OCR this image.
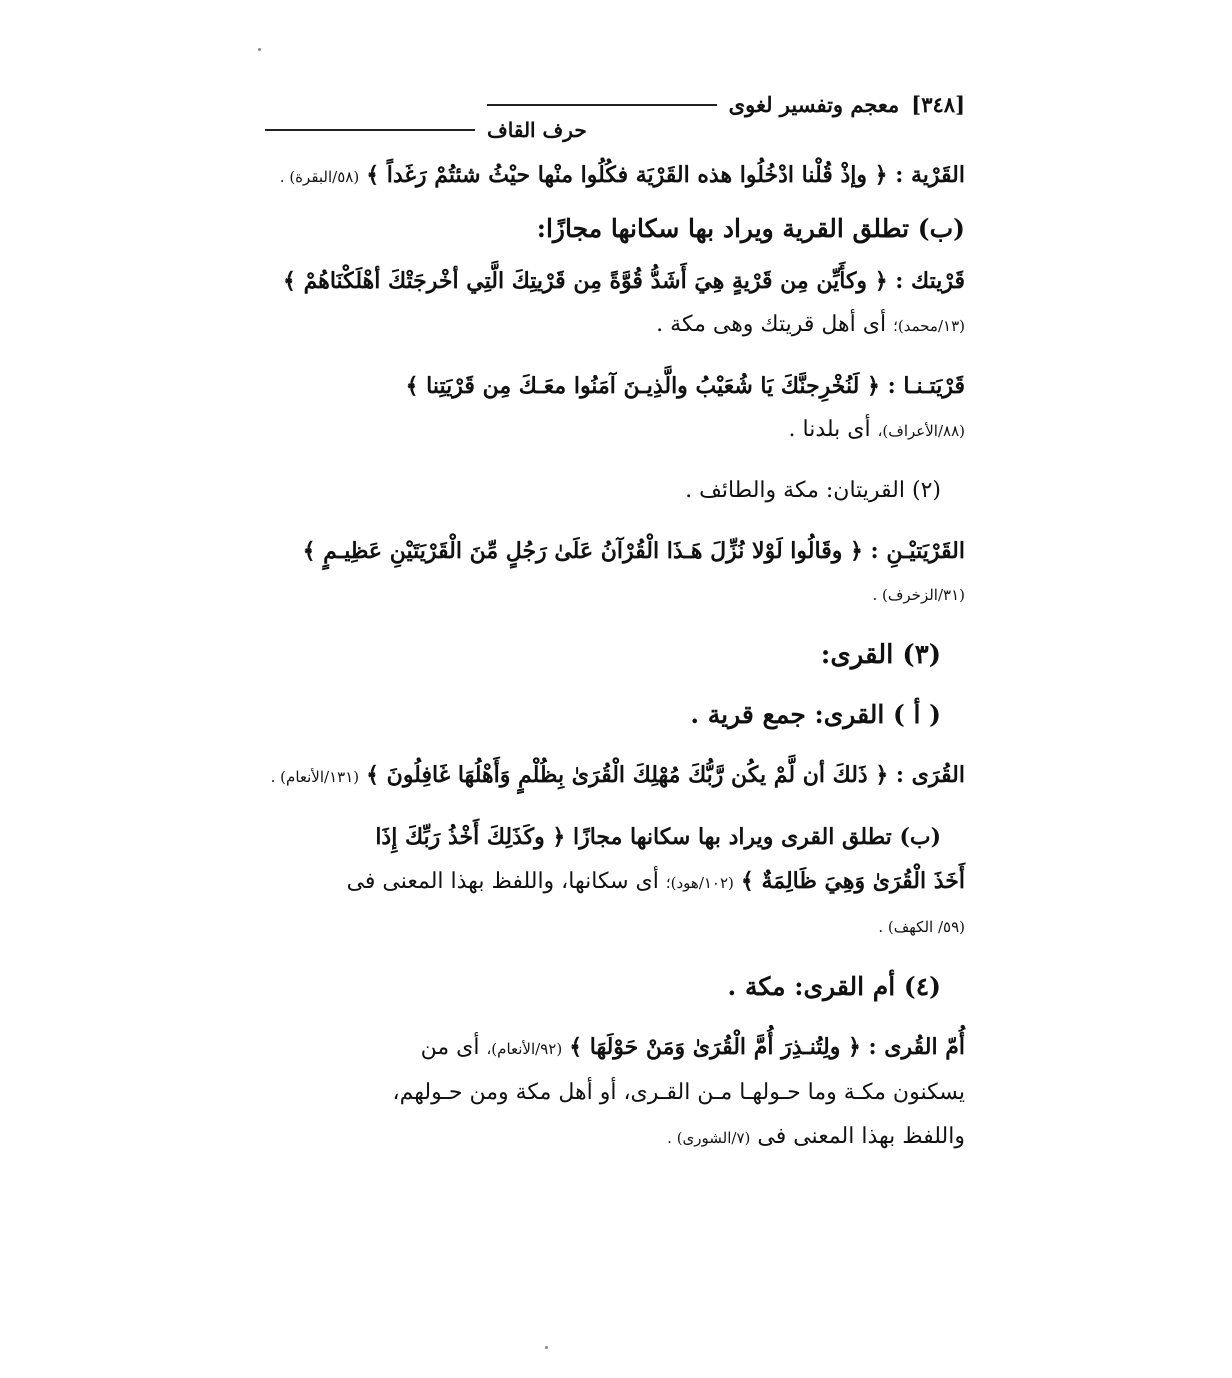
[٣٤٨]
معجم وتفسير لغوى
حرف القاف

القَرْية : ﴿ وإذْ قُلْنا ادْخُلُوا هذه القَرْيَة فكُلُوا منْها حيْثُ شئتُمْ رَغَداً ﴾ (٥٨/البقرة) .

(ب) تطلق القرية ويراد بها سكانها مجازًا:

قَرْيتك : ﴿ وكأَيِّن مِن قَرْيةٍ هِيَ أَشَدُّ قُوَّةً مِن قَرْيتِكَ الَّتِي أخْرجَتْكَ أهْلَكْنَاهُمْ ﴾

(١٣/محمد)؛ أى أهل قريتك وهى مكة .

قَرْيَتـنـا : ﴿ لَنُخْرِجنَّكَ يَا شُعَيْبُ والَّذِيـنَ آمَنُوا معَـكَ مِن قَرْيَتِنا ﴾

(٨٨/الأعراف)، أى بلدنا .

(٢) القريتان: مكة والطائف .

القَرْيَتيْـنِ : ﴿ وقَالُوا لَوْلا نُزِّلَ هَـذَا الْقُرْآنُ عَلَىٰ رَجُلٍ مِّنَ الْقَرْيَتَيْنِ عَظِيـمٍ ﴾

(٣١/الزخرف) .

(٣) القرى:

( أ ) القرى: جمع قرية .

القُرَى : ﴿ ذَلكَ أن لَّمْ يكُن رَّبُّكَ مُهْلِكَ الْقُرَىٰ بِظُلْمٍ وَأَهْلُهَا غَافِلُونَ ﴾ (١٣١/الأنعام) .

(ب) تطلق القرى ويراد بها سكانها مجازًا ﴿ وكَذَلِكَ أَخْذُ رَبِّكَ إِذَا

أَخَذَ الْقُرَىٰ وَهِيَ ظَالِمَةٌ ﴾ (١٠٢/هود)؛ أى سكانها، واللفظ بهذا المعنى فى

(٥٩/ الكهف) .

(٤) أم القرى: مكة .

أُمّ القُرى : ﴿ ولِتُنـذِرَ أُمَّ الْقُرَىٰ وَمَنْ حَوْلَهَا ﴾ (٩٢/الأنعام)، أى من

يسكنون مكـة وما حـولهـا مـن القـرى، أو أهل مكة ومن حـولهم،

واللفظ بهذا المعنى فى (٧/الشورى) .
